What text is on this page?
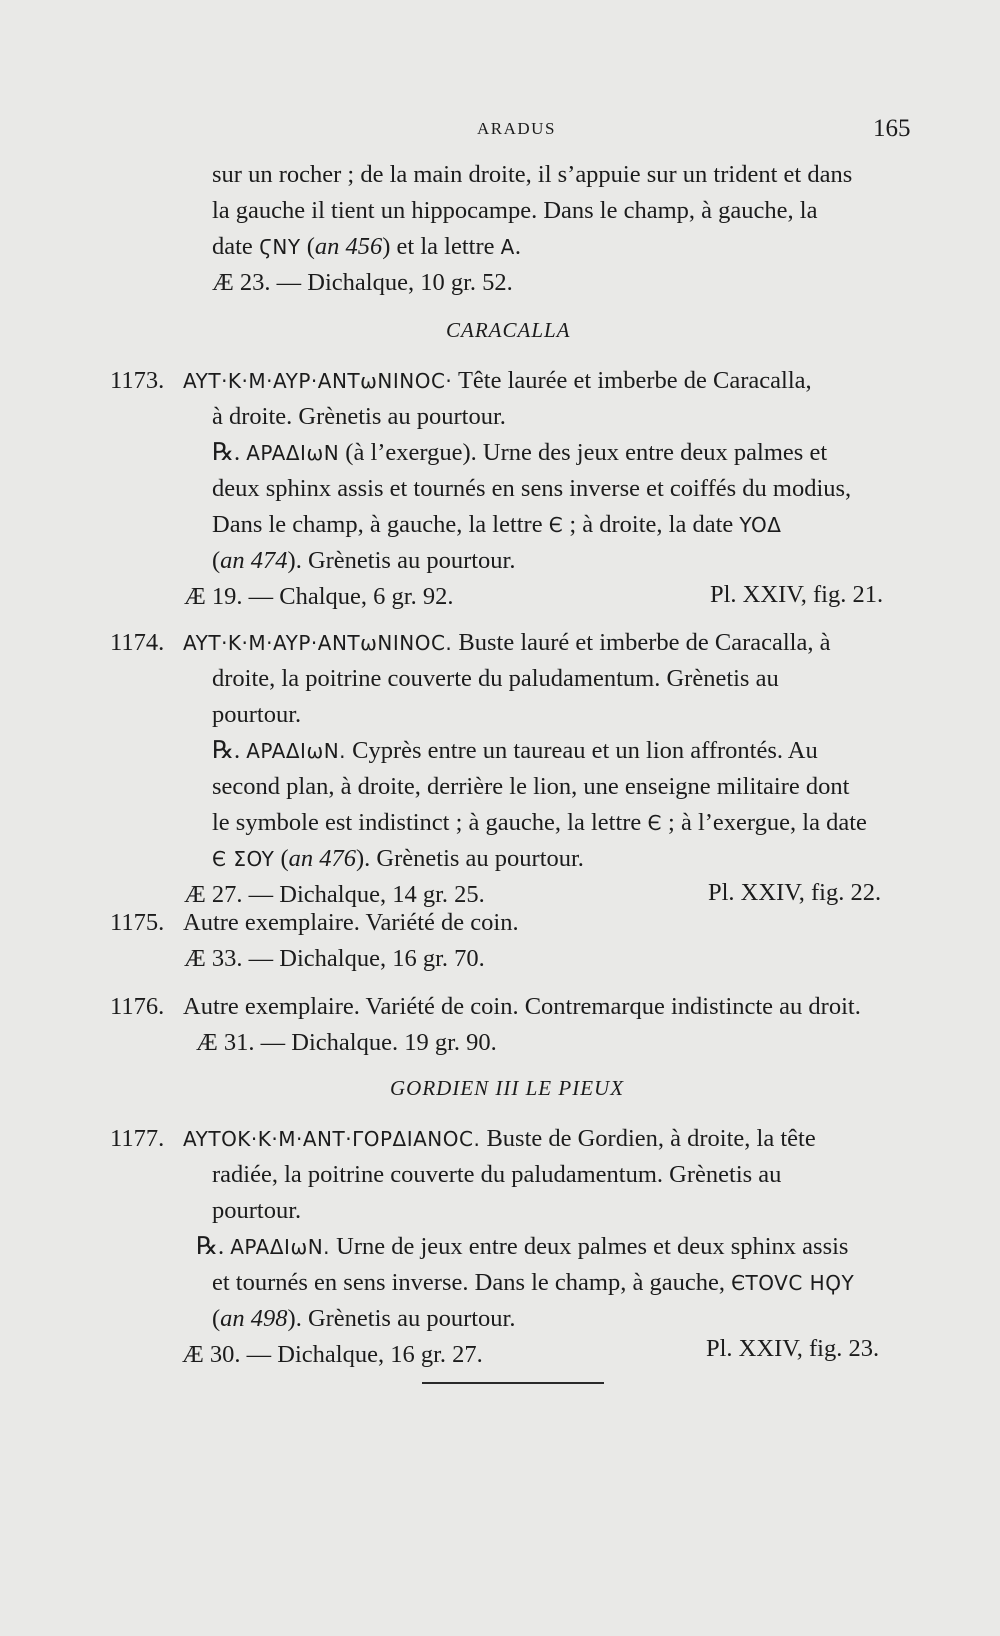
ARADUS	165
sur un rocher ; de la main droite, il s’appuie sur un trident et dans
la gauche il tient un hippocampe. Dans le champ, à gauche, la
date ϚNY (an 456) et la lettre A.
Æ 23. — Dichalque, 10 gr. 52.
CARACALLA
1173. AYT·K·M·AYP·ANTωNINOC· Tête laurée et imberbe de Caracalla,
à droite. Grènetis au pourtour.
℞. APAΔIωN (à l’exergue). Urne des jeux entre deux palmes et
deux sphinx assis et tournés en sens inverse et coiffés du modius,
Dans le champ, à gauche, la lettre Є ; à droite, la date YOΔ
(an 474). Grènetis au pourtour.
Æ 19. — Chalque, 6 gr. 92.	Pl. XXIV, fig. 21.
1174. AYT·K·M·AYP·ANTωNINOC. Buste lauré et imberbe de Caracalla, à
droite, la poitrine couverte du paludamentum. Grènetis au
pourtour.
℞. APAΔIωN. Cyprès entre un taureau et un lion affrontés. Au
second plan, à droite, derrière le lion, une enseigne militaire dont
le symbole est indistinct ; à gauche, la lettre Є ; à l’exergue, la date
Є ΣOY (an 476). Grènetis au pourtour.
Æ 27. — Dichalque, 14 gr. 25.	Pl. XXIV, fig. 22.
1175. Autre exemplaire. Variété de coin.
Æ 33. — Dichalque, 16 gr. 70.
1176. Autre exemplaire. Variété de coin. Contremarque indistincte au droit.
Æ 31. — Dichalque. 19 gr. 90.
GORDIEN III LE PIEUX
1177. AYTOK·K·M·ANT·ΓOPΔIANOC. Buste de Gordien, à droite, la tête
radiée, la poitrine couverte du paludamentum. Grènetis au
pourtour.
℞. APAΔIωN. Urne de jeux entre deux palmes et deux sphinx assis
et tournés en sens inverse. Dans le champ, à gauche, ЄTOVC HϘY
(an 498). Grènetis au pourtour.
Æ 30. — Dichalque, 16 gr. 27.	Pl. XXIV, fig. 23.
